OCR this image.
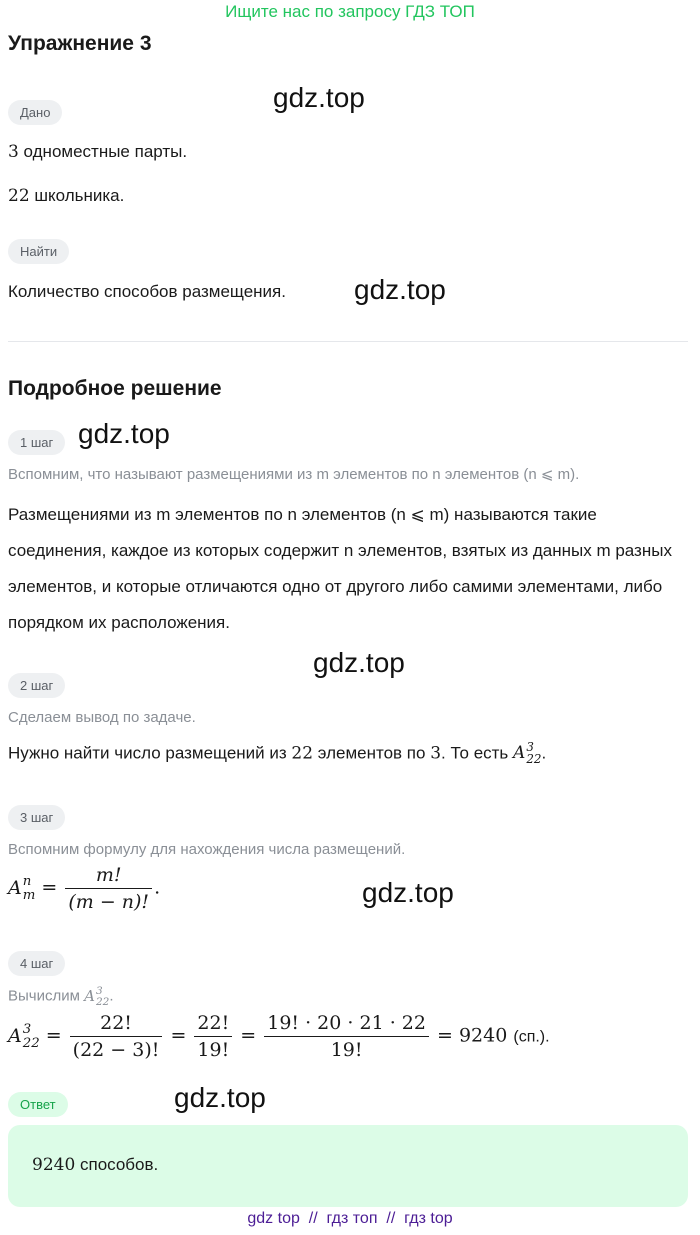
Ищите нас по запросу ГДЗ ТОП
Упражнение 3
gdz.top
Дано
3 одноместные парты.
22 школьника.
Найти
Количество способов размещения. gdz.top
Подробное решение
1 шаг gdz.top
Вспомним, что называют размещениями из m элементов по n элементов (n ⩽ m).
Размещениями из m элементов по n элементов (n ⩽ m) называются такие соединения, каждое из которых содержит n элементов, взятых из данных m разных элементов, и которые отличаются одно от другого либо самими элементами, либо порядком их расположения.
gdz.top
2 шаг
Сделаем вывод по задаче.
Нужно найти число размещений из 22 элементов по 3. То есть A 3
22 .
3 шаг
Вспомним формулу для нахождения числа размещений.
A n
$m = \frac{m!}{(m - n)!}$ .	gdz.top
4 шаг
Вычислим A 3
22 .
A 3
$22 = \frac{22!}{(22 - 3)!} = \frac{22!}{19!} = \frac{19! \cdot 20 \cdot 21 \cdot 22}{19!} = 9240$ (сп.).
Ответ	gdz.top
9240 способов.
gdz top  //  гдз топ  //  гдз top
